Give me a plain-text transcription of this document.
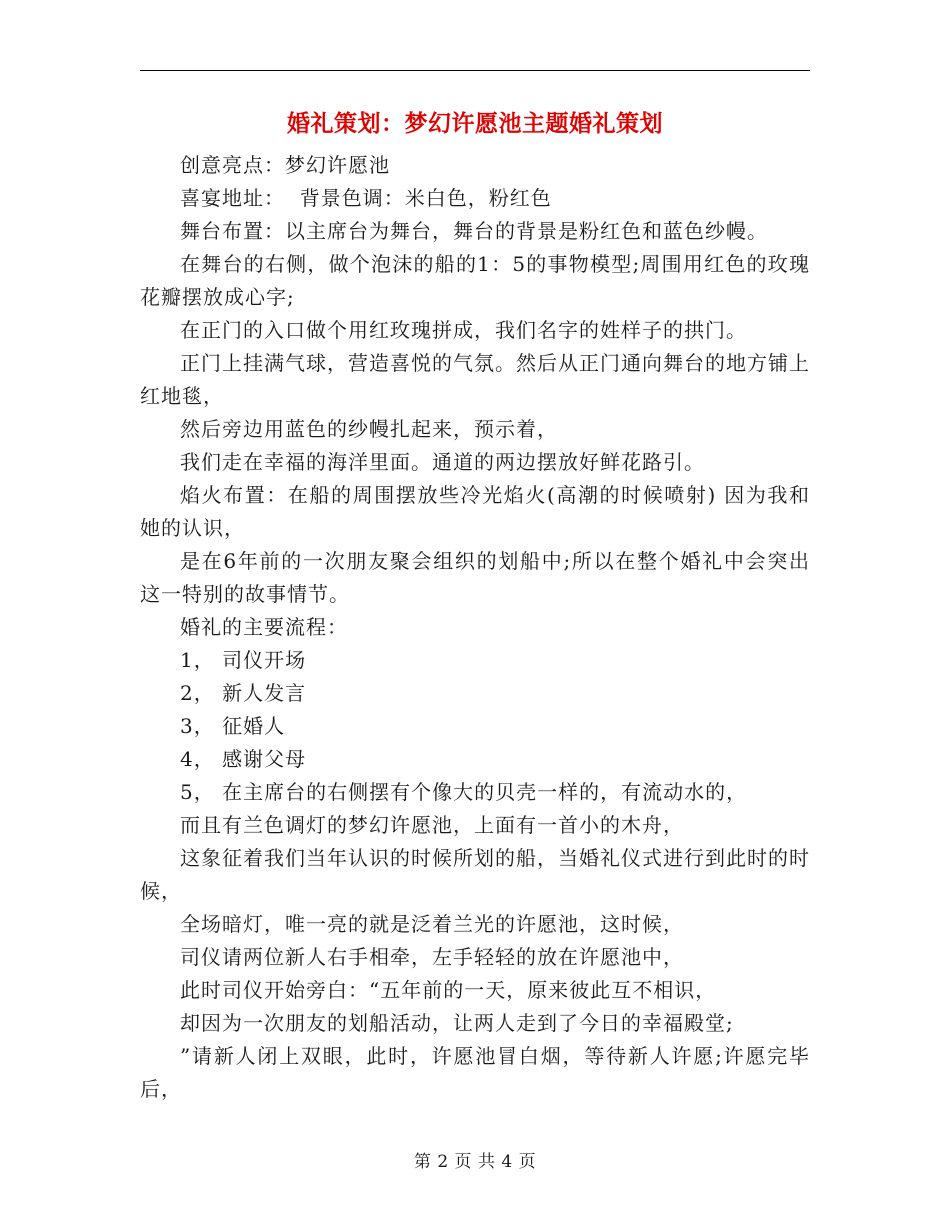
婚礼策划：梦幻许愿池主题婚礼策划

创意亮点：梦幻许愿池

喜宴地址：  背景色调：米白色，粉红色

舞台布置：以主席台为舞台，舞台的背景是粉红色和蓝色纱幔。

在舞台的右侧，做个泡沫的船的1：5的事物模型;周围用红色的玫瑰花瓣摆放成心字;

在正门的入口做个用红玫瑰拼成，我们名字的姓样子的拱门。

正门上挂满气球，营造喜悦的气氛。然后从正门通向舞台的地方铺上红地毯，

然后旁边用蓝色的纱幔扎起来，预示着，

我们走在幸福的海洋里面。通道的两边摆放好鲜花路引。

焰火布置：在船的周围摆放些冷光焰火(高潮的时候喷射) 因为我和她的认识，

是在6年前的一次朋友聚会组织的划船中;所以在整个婚礼中会突出这一特别的故事情节。

婚礼的主要流程：

1， 司仪开场

2， 新人发言

3， 征婚人

4， 感谢父母

5， 在主席台的右侧摆有个像大的贝壳一样的，有流动水的，

而且有兰色调灯的梦幻许愿池，上面有一首小的木舟，

这象征着我们当年认识的时候所划的船，当婚礼仪式进行到此时的时候，

全场暗灯，唯一亮的就是泛着兰光的许愿池，这时候，

司仪请两位新人右手相牵，左手轻轻的放在许愿池中，

此时司仪开始旁白：“五年前的一天，原来彼此互不相识，

却因为一次朋友的划船活动，让两人走到了今日的幸福殿堂;

”请新人闭上双眼，此时，许愿池冒白烟，等待新人许愿;许愿完毕后，

第 2 页 共 4 页
